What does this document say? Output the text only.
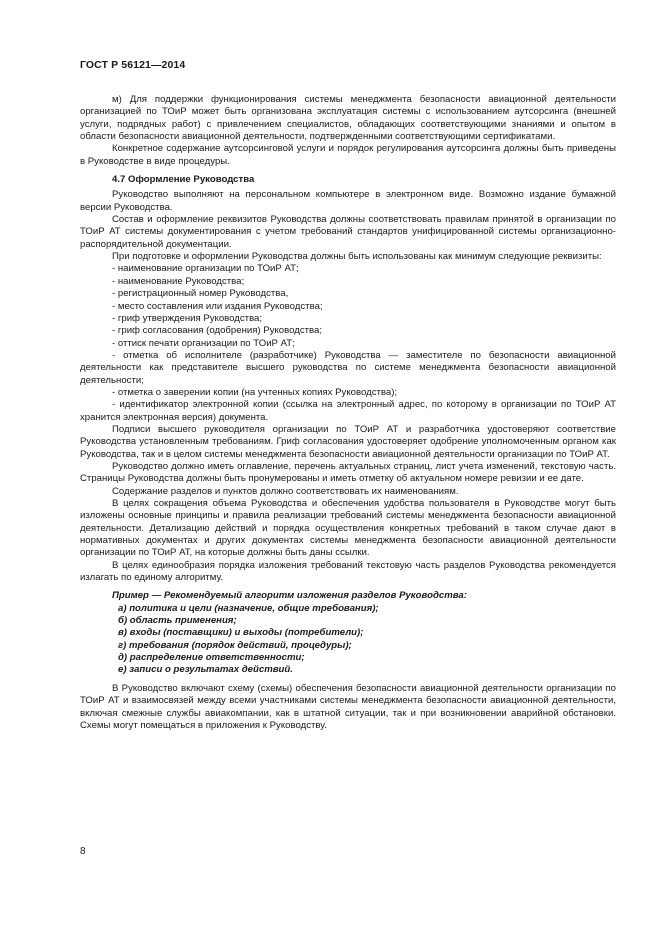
ГОСТ Р 56121—2014

м) Для поддержки функционирования системы менеджмента безопасности авиационной деятельности организацией по ТОиР может быть организована эксплуатация системы с использованием аутсорсинга (внешней услуги, подрядных работ) с привлечением специалистов, обладающих соответствующими знаниями и опытом в области безопасности авиационной деятельности, подтвержденными соответствующими сертификатами.

Конкретное содержание аутсорсинговой услуги и порядок регулирования аутсорсинга должны быть приведены в Руководстве в виде процедуры.

4.7 Оформление Руководства

Руководство выполняют на персональном компьютере в электронном виде. Возможно издание бумажной версии Руководства.

Состав и оформление реквизитов Руководства должны соответствовать правилам принятой в организации по ТОиР АТ системы документирования с учетом требований стандартов унифицированной системы организационно-распорядительной документации.

При подготовке и оформлении Руководства должны быть использованы как минимум следующие реквизиты:

- наименование организации по ТОиР АТ;
- наименование Руководства;
- регистрационный номер Руководства,
- место составления или издания Руководства;
- гриф утверждения Руководства;
- гриф согласования (одобрения) Руководства;
- оттиск печати организации по ТОиР АТ;
- отметка об исполнителе (разработчике) Руководства — заместителе по безопасности авиационной деятельности как представителе высшего руководства по системе менеджмента безопасности авиационной деятельности;
- отметка о заверении копии (на учтенных копиях Руководства);
- идентификатор электронной копии (ссылка на электронный адрес, по которому в организации по ТОиР АТ хранится электронная версия) документа.

Подписи высшего руководителя организации по ТОиР АТ и разработчика удостоверяют соответствие Руководства установленным требованиям. Гриф согласования удостоверяет одобрение уполномоченным органом как Руководства, так и в целом системы менеджмента безопасности авиационной деятельности организации по ТОиР АТ.

Руководство должно иметь оглавление, перечень актуальных страниц, лист учета изменений, текстовую часть. Страницы Руководства должны быть пронумерованы и иметь отметку об актуальном номере ревизии и ее дате.

Содержание разделов и пунктов должно соответствовать их наименованиям.

В целях сокращения объема Руководства и обеспечения удобства пользователя в Руководстве могут быть изложены основные принципы и правила реализации требований системы менеджмента безопасности авиационной деятельности. Детализацию действий и порядка осуществления конкретных требований в таком случае дают в нормативных документах и других документах системы менеджмента безопасности авиационной деятельности организации по ТОиР АТ, на которые должны быть даны ссылки.

В целях единообразия порядка изложения требований текстовую часть разделов Руководства рекомендуется излагать по единому алгоритму.

Пример — Рекомендуемый алгоритм изложения разделов Руководства:
а) политика и цели (назначение, общие требования);
б) область применения;
в) входы (поставщики) и выходы (потребители);
г) требования (порядок действий, процедуры);
д) распределение ответственности;
е) записи о результатах действий.

В Руководство включают схему (схемы) обеспечения безопасности авиационной деятельности организации по ТОиР АТ и взаимосвязей между всеми участниками системы менеджмента безопасности авиационной деятельности, включая смежные службы авиакомпании, как в штатной ситуации, так и при возникновении аварийной обстановки. Схемы могут помещаться в приложения к Руководству.

8
